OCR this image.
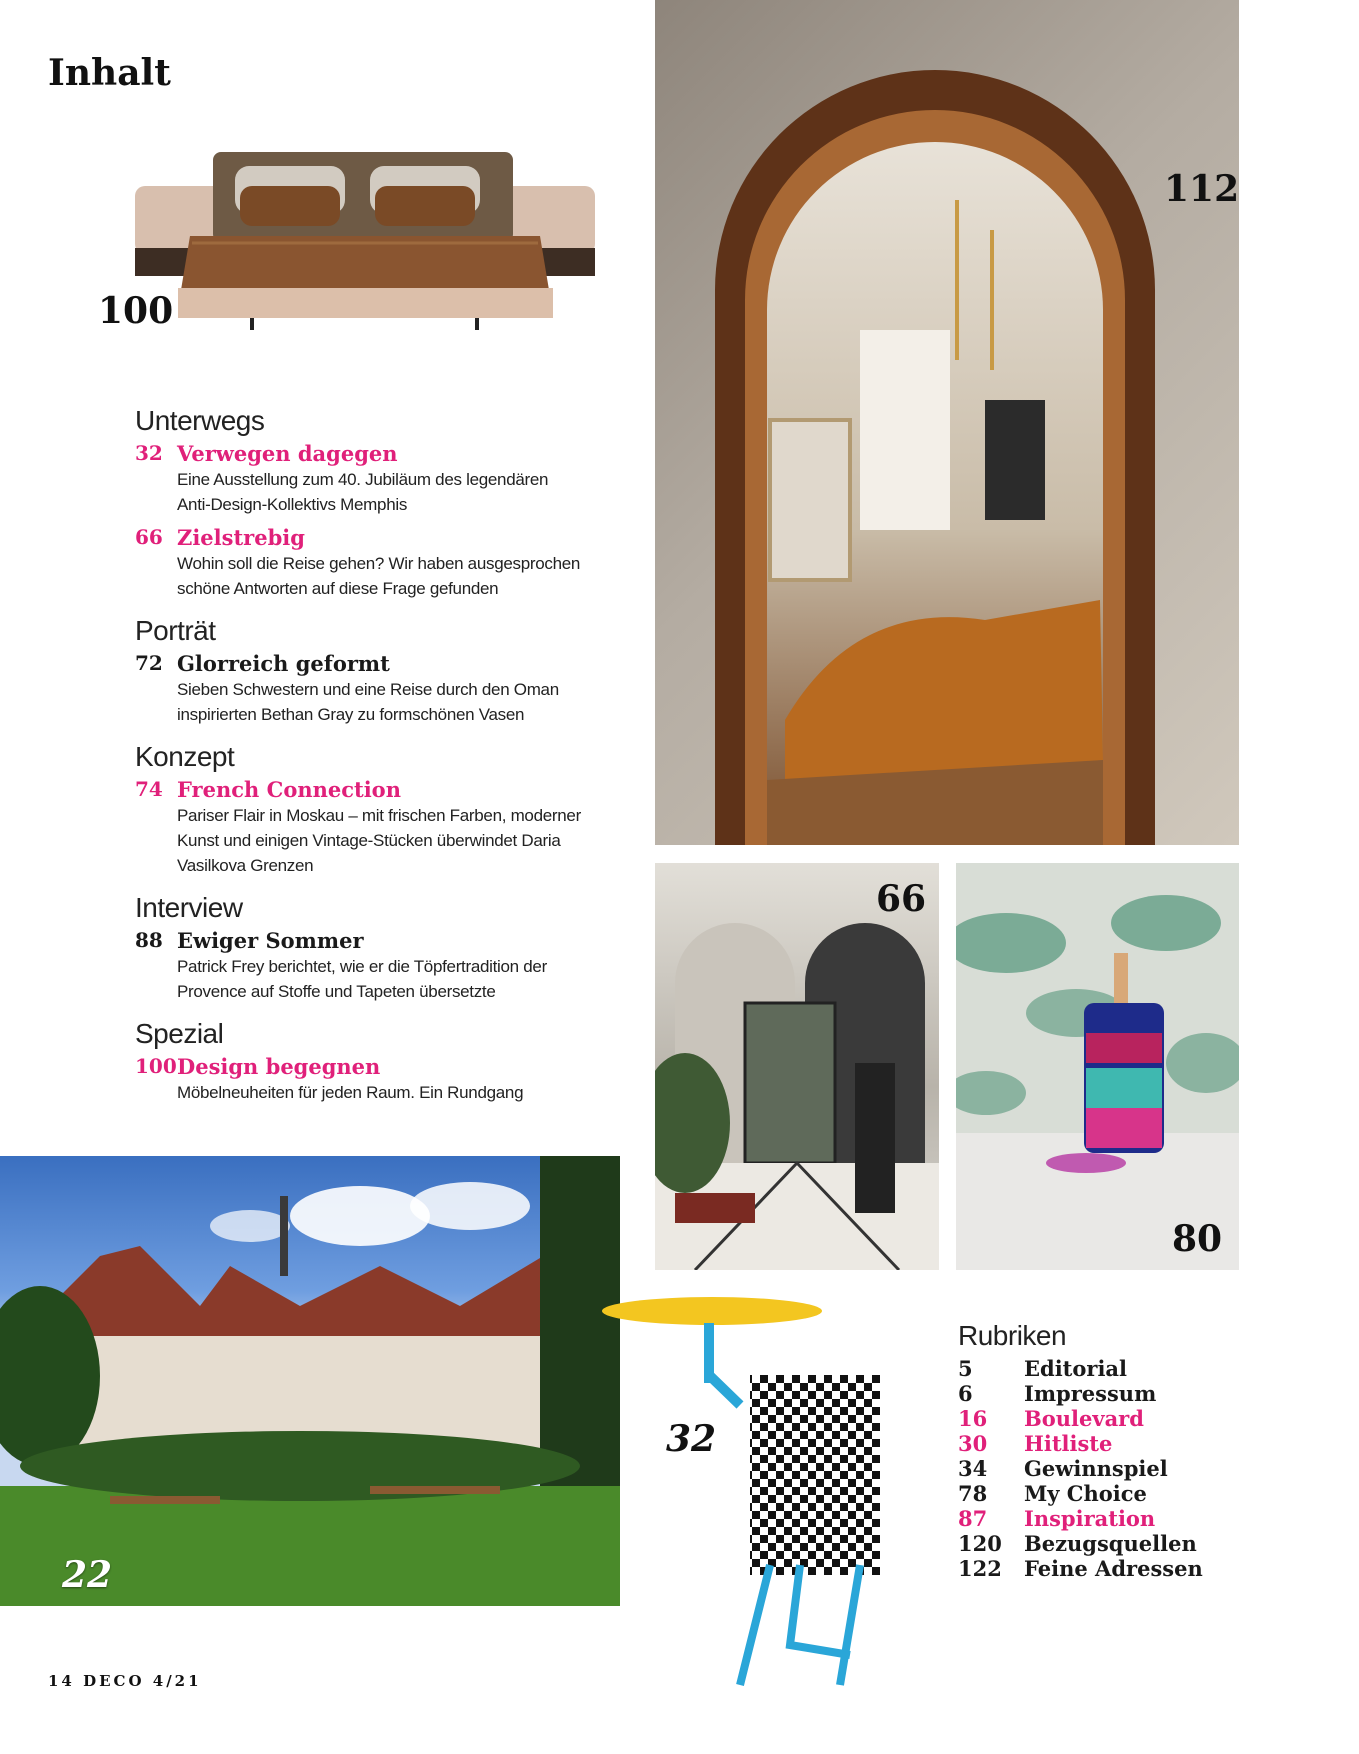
Inhalt
100
112
66
80
22
32
Unterwegs
32 Verwegen dagegen
Eine Ausstellung zum 40. Jubiläum des legendären
Anti-Design-Kollektivs Memphis
66 Zielstrebig
Wohin soll die Reise gehen? Wir haben ausgesprochen
schöne Antworten auf diese Frage gefunden
Porträt
72 Glorreich geformt
Sieben Schwestern und eine Reise durch den Oman
inspirierten Bethan Gray zu formschönen Vasen
Konzept
74 French Connection
Pariser Flair in Moskau – mit frischen Farben, moderner
Kunst und einigen Vintage-Stücken überwindet Daria
Vasilkova Grenzen
Interview
88 Ewiger Sommer
Patrick Frey berichtet, wie er die Töpfertradition der
Provence auf Stoffe und Tapeten übersetzte
Spezial
100 Design begegnen
Möbelneuheiten für jeden Raum. Ein Rundgang
Rubriken
5	Editorial
6	Impressum
16	Boulevard
30	Hitliste
34	Gewinnspiel
78	My Choice
87	Inspiration
120	Bezugsquellen
122	Feine Adressen
14 DECO 4/21
